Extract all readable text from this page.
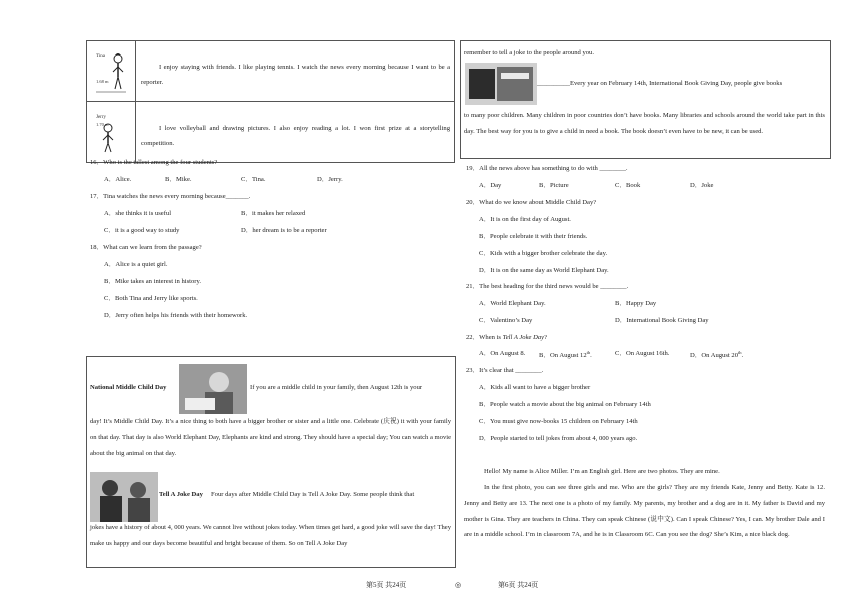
Tina
1.68 m

I enjoy staying with friends. I like playing tennis. I watch the news every morning because I want to be a reporter.

Jerry
1.70 m

I love volleyball and drawing pictures. I also enjoy reading a lot. I won first prize at a storytelling competition.

16．Who is the tallest among the four students?
A．Alice.	B．Mike.	C．Tina.	D．Jerry.
17．Tina watches the news every morning because_______.
A．she thinks it is useful	B．it makes her relaxed
C．it is a good way to study	D．her dream is to be a reporter
18．What can we learn from the passage?
A．Alice is a quiet girl.
B．Mike takes an interest in history.
C．Both Tina and Jerry like sports.
D．Jerry often helps his friends with their homework.
National Middle Child Day	If you are a middle child in your family, then August 12th is your
day! It’s Middle Child Day. It’s a nice thing to both have a bigger brother or sister and a little one. Celebrate (庆祝) it with your family on that day. That day is also World Elephant Day, Elephants are kind and strong. They should have a special day; You can watch a movie about the big animal on that day.
Tell A Joke Day Four days after Middle Child Day is Tell A Joke Day. Some people think that
jokes have a history of about 4, 000 years. We cannot live without jokes today. When times get hard, a good joke will save the day! They make us happy and our days become beautiful and bright because of them. So on Tell A Joke Day
remember to tell a joke to the people around you.
__________Every year on February 14th, International Book Giving Day, people give books
to many poor children. Many children in poor countries don’t have books. Many libraries and schools around the world take part in this day. The best way for you is to give a child in need a book. The book doesn’t even have to be new, it can be used.
19．All the news above has something to do with ________.
A．Day	B．Picture	C．Book	D．Joke
20．What do we know about Middle Child Day?
A．It is on the first day of August.
B．People celebrate it with their friends.
C．Kids with a bigger brother celebrate the day.
D．It is on the same day as World Elephant Day.
21．The best heading for the third news would be ________.
A．World Elephant Day.	B．Happy Day
C．Valentino’s Day	D．International Book Giving Day
22．When is Tell A Joke Day?
A．On August 8. B．On August 12th.	C．On August 16th.	D．On August 20th.
23．It’s clear that ________.
A．Kids all want to have a bigger brother
B．People watch a movie about the big animal on February 14th
C．You must give now-books 15 children on February 14th
D．People started to tell jokes from about 4, 000 years ago.
Hello! My name is Alice Miller. I’m an English girl. Here are two photos. They are mine.
In the first photo, you can see three girls and me. Who are the girls? They are my friends Kate, Jenny and Betty. Kate is 12. Jenny and Betty are 13. The next one is a photo of my family. My parents, my brother and a dog are in it. My father is David and my mother is Gina. They are teachers in China. They can speak Chinese (说中文). Can I speak Chinese? Yes, I can. My brother Dale and I are in a middle school. I’m in classroom 7A, and he is in Classroom 6C. Can you see the dog? She’s Kim, a nice black dog.
第5页 共24页	◎	第6页 共24页
